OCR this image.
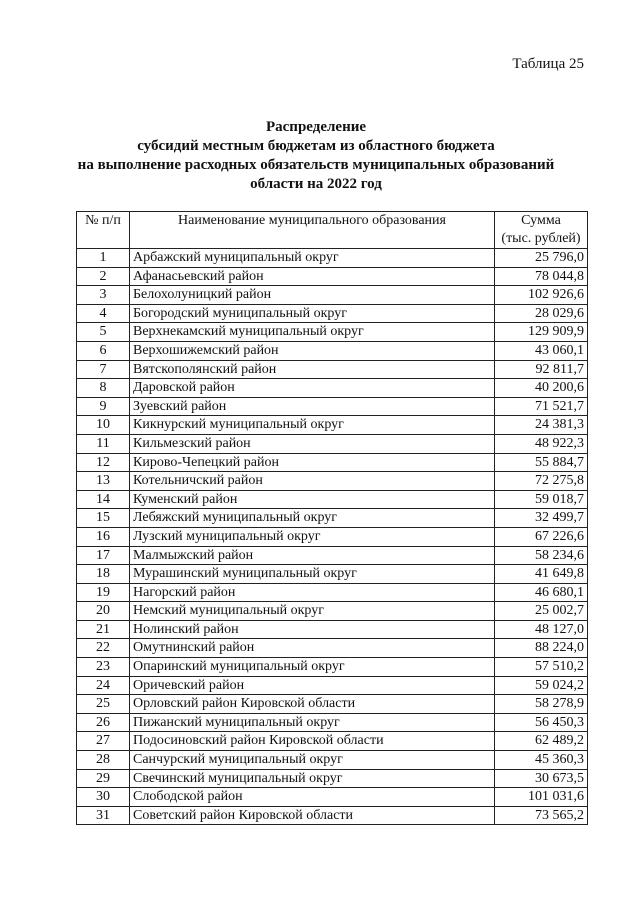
Таблица 25
Распределение
субсидий местным бюджетам из областного бюджета
на выполнение расходных обязательств муниципальных образований
области на 2022 год
№ п/п	Наименование муниципального образования	Сумма
(тыс. рублей)

1	Арбажский муниципальный округ	25 796,0
2	Афанасьевский район	78 044,8
3	Белохолуницкий район	102 926,6
4	Богородский муниципальный округ	28 029,6
5	Верхнекамский муниципальный округ	129 909,9
6	Верхошижемский район	43 060,1
7	Вятскополянский район	92 811,7
8	Даровской район	40 200,6
9	Зуевский район	71 521,7
10	Кикнурский муниципальный округ	24 381,3
11	Кильмезский район	48 922,3
12	Кирово-Чепецкий район	55 884,7
13	Котельничский район	72 275,8
14	Куменский район	59 018,7
15	Лебяжский муниципальный округ	32 499,7
16	Лузский муниципальный округ	67 226,6
17	Малмыжский район	58 234,6
18	Мурашинский муниципальный округ	41 649,8
19	Нагорский район	46 680,1
20	Немский муниципальный округ	25 002,7
21	Нолинский район	48 127,0
22	Омутнинский район	88 224,0
23	Опаринский муниципальный округ	57 510,2
24	Оричевский район	59 024,2
25	Орловский район Кировской области	58 278,9
26	Пижанский муниципальный округ	56 450,3
27	Подосиновский район Кировской области	62 489,2
28	Санчурский муниципальный округ	45 360,3
29	Свечинский муниципальный округ	30 673,5
30	Слободской район	101 031,6
31	Советский район Кировской области	73 565,2
